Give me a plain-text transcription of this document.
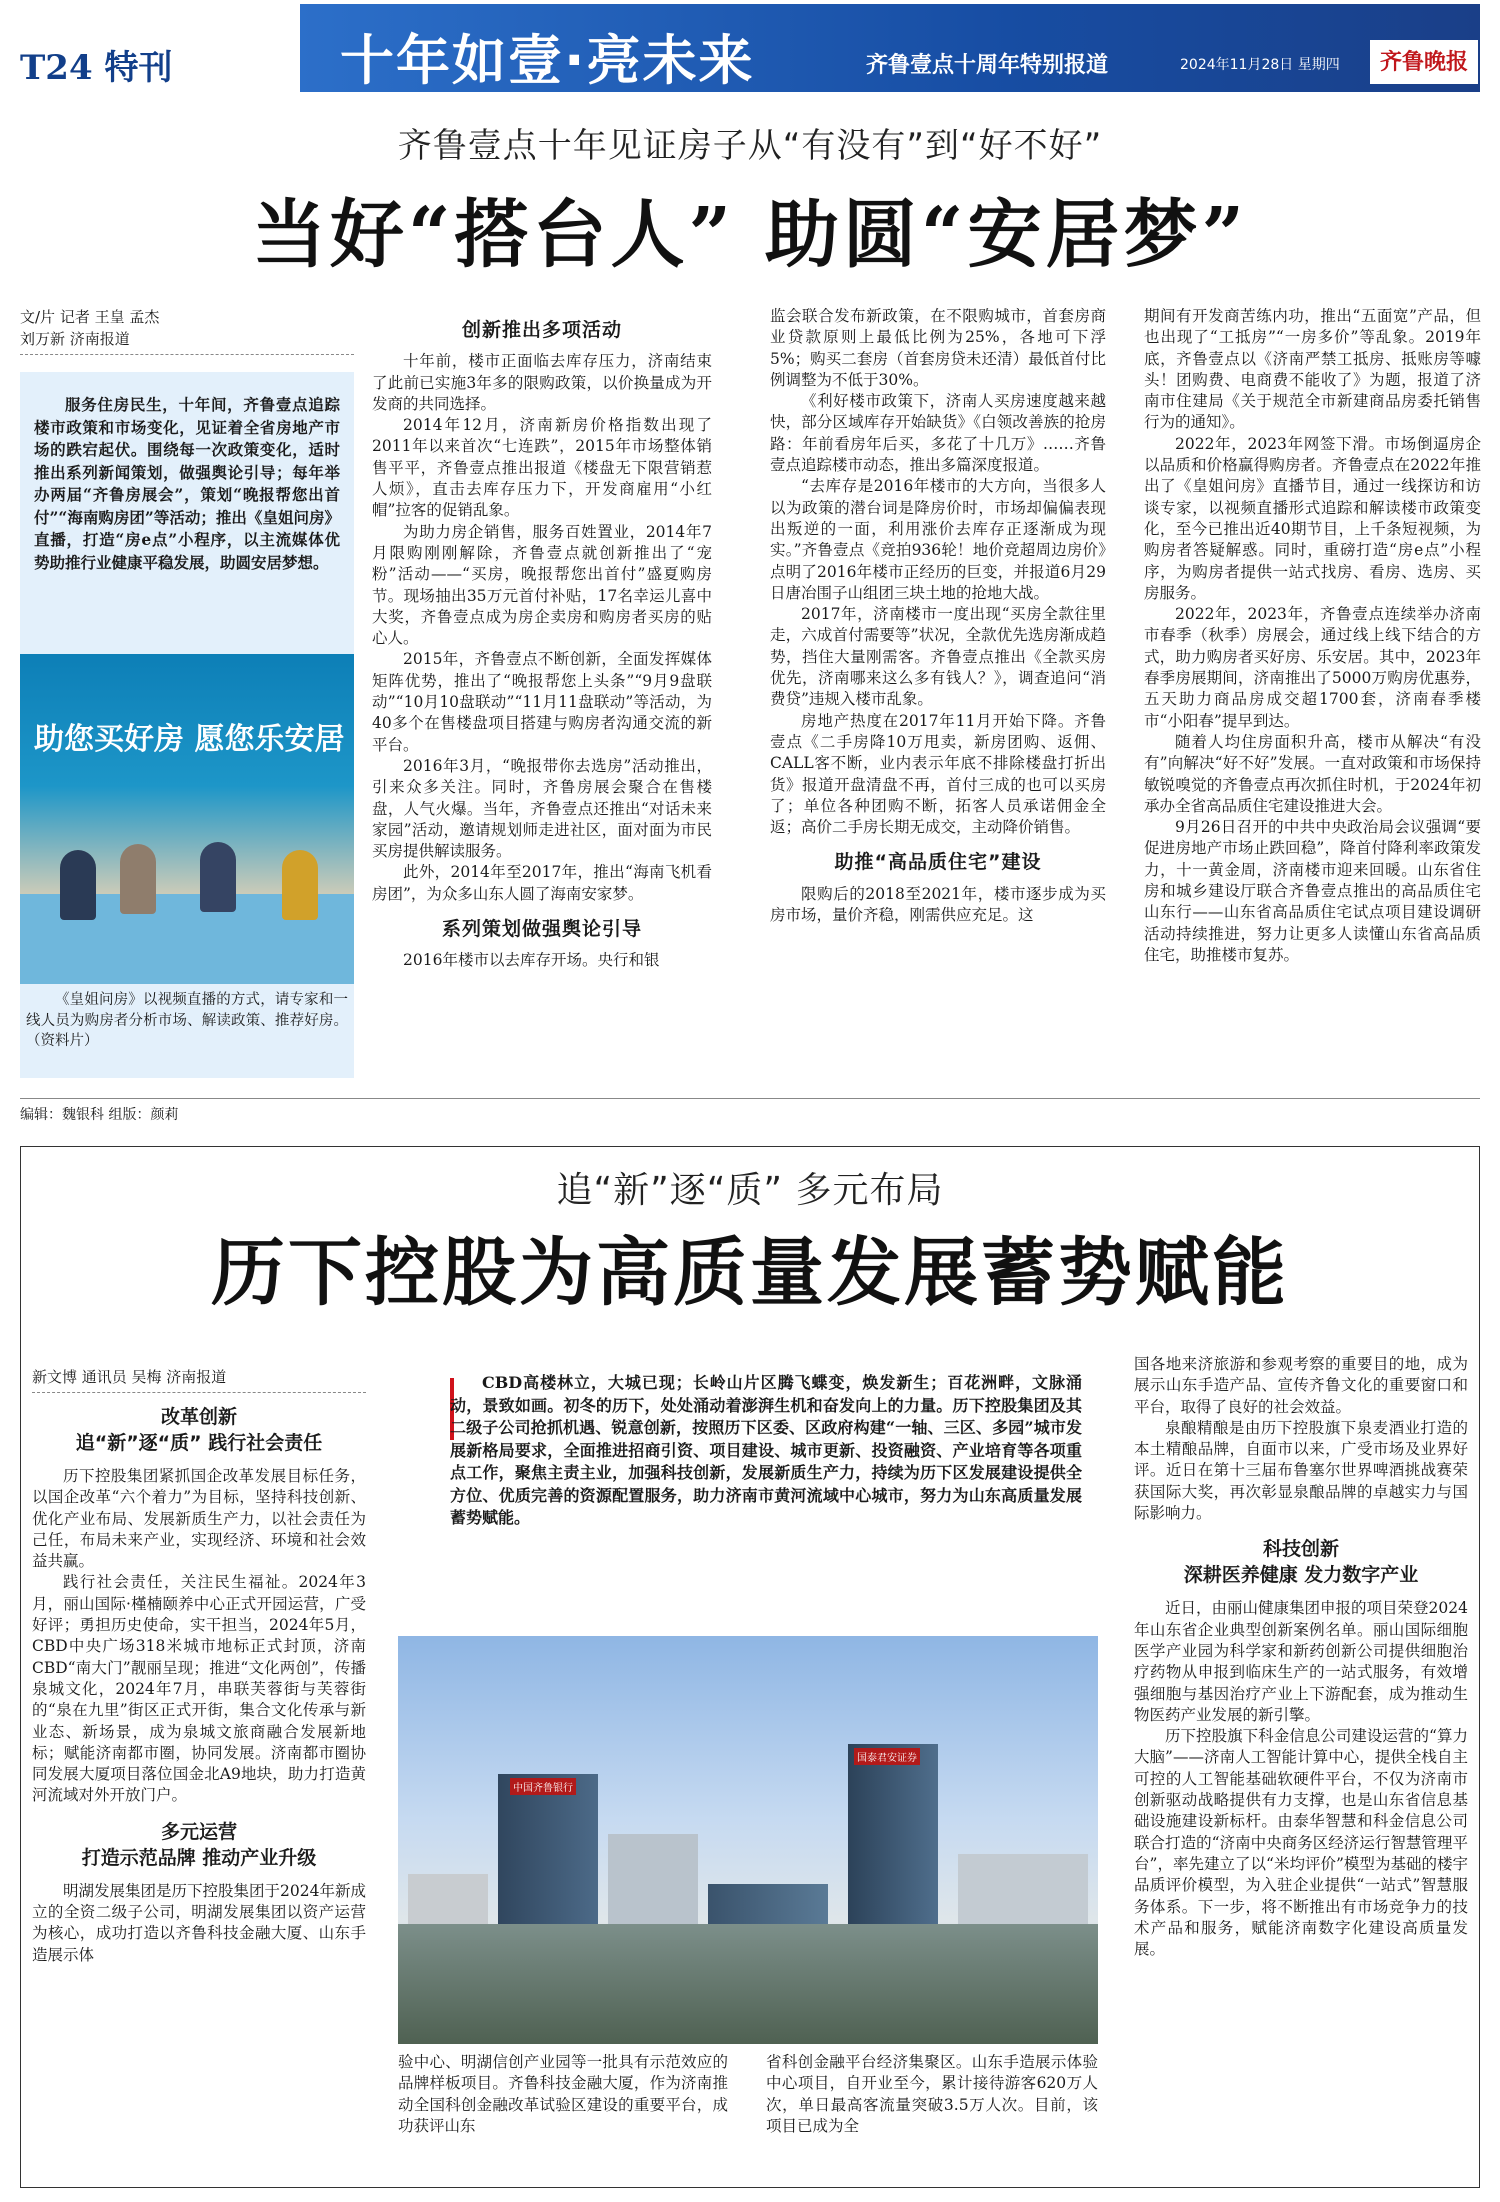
T24 特刊	十年如壹·亮未来	齐鲁壹点十周年特别报道	2024年11月28日 星期四	齐鲁晚报
齐鲁壹点十年见证房子从“有没有”到“好不好”
当好“搭台人” 助圆“安居梦”
文/片 记者 王皇 孟杰
刘万新 济南报道
服务住房民生，十年间，齐鲁壹点追踪楼市政策和市场变化，见证着全省房地产市场的跌宕起伏。围绕每一次政策变化，适时推出系列新闻策划，做强舆论引导；每年举办两届“齐鲁房展会”，策划“晚报帮您出首付”“海南购房团”等活动；推出《皇姐问房》直播，打造“房e点”小程序，以主流媒体优势助推行业健康平稳发展，助圆安居梦想。
助您买好房 愿您乐安居
《皇姐问房》以视频直播的方式，请专家和一线人员为购房者分析市场、解读政策、推荐好房。（资料片）
创新推出多项活动

十年前，楼市正面临去库存压力，济南结束了此前已实施3年多的限购政策，以价换量成为开发商的共同选择。

2014年12月，济南新房价格指数出现了2011年以来首次“七连跌”，2015年市场整体销售平平，齐鲁壹点推出报道《楼盘无下限营销惹人烦》，直击去库存压力下，开发商雇用“小红帽”拉客的促销乱象。

为助力房企销售，服务百姓置业，2014年7月限购刚刚解除，齐鲁壹点就创新推出了“宠粉”活动——“买房，晚报帮您出首付”盛夏购房节。现场抽出35万元首付补贴，17名幸运儿喜中大奖，齐鲁壹点成为房企卖房和购房者买房的贴心人。

2015年，齐鲁壹点不断创新，全面发挥媒体矩阵优势，推出了“晚报帮您上头条”“9月9盘联动”“10月10盘联动”“11月11盘联动”等活动，为40多个在售楼盘项目搭建与购房者沟通交流的新平台。

2016年3月，“晚报带你去选房”活动推出，引来众多关注。同时，齐鲁房展会聚合在售楼盘，人气火爆。当年，齐鲁壹点还推出“对话未来家园”活动，邀请规划师走进社区，面对面为市民买房提供解读服务。

此外，2014年至2017年，推出“海南飞机看房团”，为众多山东人圆了海南安家梦。

系列策划做强舆论引导

2016年楼市以去库存开场。央行和银

监会联合发布新政策，在不限购城市，首套房商业贷款原则上最低比例为25%，各地可下浮5%；购买二套房（首套房贷未还清）最低首付比例调整为不低于30%。

《利好楼市政策下，济南人买房速度越来越快，部分区域库存开始缺货》《白领改善族的抢房路：年前看房年后买，多花了十几万》……齐鲁壹点追踪楼市动态，推出多篇深度报道。

“去库存是2016年楼市的大方向，当很多人以为政策的潜台词是降房价时，市场却偏偏表现出叛逆的一面，利用涨价去库存正逐渐成为现实。”齐鲁壹点《竞拍936轮！地价竞超周边房价》点明了2016年楼市正经历的巨变，并报道6月29日唐冶围子山组团三块土地的抢地大战。

2017年，济南楼市一度出现“买房全款往里走，六成首付需要等”状况，全款优先选房渐成趋势，挡住大量刚需客。齐鲁壹点推出《全款买房优先，济南哪来这么多有钱人？》，调查追问“消费贷”违规入楼市乱象。

房地产热度在2017年11月开始下降。齐鲁壹点《二手房降10万甩卖，新房团购、返佣、CALL客不断，业内表示年底不排除楼盘打折出货》报道开盘清盘不再，首付三成的也可以买房了；单位各种团购不断，拓客人员承诺佣金全返；高价二手房长期无成交，主动降价销售。

助推“高品质住宅”建设

限购后的2018至2021年，楼市逐步成为买房市场，量价齐稳，刚需供应充足。这

期间有开发商苦练内功，推出“五面宽”产品，但也出现了“工抵房”“一房多价”等乱象。2019年底，齐鲁壹点以《济南严禁工抵房、抵账房等噱头！团购费、电商费不能收了》为题，报道了济南市住建局《关于规范全市新建商品房委托销售行为的通知》。

2022年，2023年网签下滑。市场倒逼房企以品质和价格赢得购房者。齐鲁壹点在2022年推出了《皇姐问房》直播节目，通过一线探访和访谈专家，以视频直播形式追踪和解读楼市政策变化，至今已推出近40期节目，上千条短视频，为购房者答疑解惑。同时，重磅打造“房e点”小程序，为购房者提供一站式找房、看房、选房、买房服务。

2022年，2023年，齐鲁壹点连续举办济南市春季（秋季）房展会，通过线上线下结合的方式，助力购房者买好房、乐安居。其中，2023年春季房展期间，济南推出了5000万购房优惠券，五天助力商品房成交超1700套，济南春季楼市“小阳春”提早到达。

随着人均住房面积升高，楼市从解决“有没有”向解决“好不好”发展。一直对政策和市场保持敏锐嗅觉的齐鲁壹点再次抓住时机，于2024年初承办全省高品质住宅建设推进大会。

9月26日召开的中共中央政治局会议强调“要促进房地产市场止跌回稳”，降首付降利率政策发力，十一黄金周，济南楼市迎来回暖。山东省住房和城乡建设厅联合齐鲁壹点推出的高品质住宅山东行——山东省高品质住宅试点项目建设调研活动持续推进，努力让更多人读懂山东省高品质住宅，助推楼市复苏。

编辑：魏银科 组版：颜莉
追“新”逐“质” 多元布局
历下控股为高质量发展蓄势赋能
新文博 通讯员 吴梅 济南报道
改革创新
追“新”逐“质” 践行社会责任

历下控股集团紧抓国企改革发展目标任务，以国企改革“六个着力”为目标，坚持科技创新、优化产业布局、发展新质生产力，以社会责任为己任，布局未来产业，实现经济、环境和社会效益共赢。

践行社会责任，关注民生福祉。2024年3月，丽山国际·槿楠颐养中心正式开园运营，广受好评；勇担历史使命，实干担当，2024年5月，CBD中央广场318米城市地标正式封顶，济南CBD“南大门”靓丽呈现；推进“文化两创”，传播泉城文化，2024年7月，串联芙蓉街与芙蓉街的“泉在九里”街区正式开街，集合文化传承与新业态、新场景，成为泉城文旅商融合发展新地标；赋能济南都市圈，协同发展。济南都市圈协同发展大厦项目落位国金北A9地块，助力打造黄河流域对外开放门户。

多元运营
打造示范品牌 推动产业升级

明湖发展集团是历下控股集团于2024年新成立的全资二级子公司，明湖发展集团以资产运营为核心，成功打造以齐鲁科技金融大厦、山东手造展示体

CBD高楼林立，大城已现；长岭山片区腾飞蝶变，焕发新生；百花洲畔，文脉涌动，景致如画。初冬的历下，处处涌动着澎湃生机和奋发向上的力量。历下控股集团及其二级子公司抢抓机遇、锐意创新，按照历下区委、区政府构建“一轴、三区、多园”城市发展新格局要求，全面推进招商引资、项目建设、城市更新、投资融资、产业培育等各项重点工作，聚焦主责主业，加强科技创新，发展新质生产力，持续为历下区发展建设提供全方位、优质完善的资源配置服务，助力济南市黄河流域中心城市，努力为山东高质量发展蓄势赋能。
中国齐鲁银行
国泰君安证券

验中心、明湖信创产业园等一批具有示范效应的品牌样板项目。齐鲁科技金融大厦，作为济南推动全国科创金融改革试验区建设的重要平台，成功获评山东

省科创金融平台经济集聚区。山东手造展示体验中心项目，自开业至今，累计接待游客620万人次，单日最高客流量突破3.5万人次。目前，该项目已成为全

国各地来济旅游和参观考察的重要目的地，成为展示山东手造产品、宣传齐鲁文化的重要窗口和平台，取得了良好的社会效益。

泉酿精酿是由历下控股旗下泉麦酒业打造的本土精酿品牌，自面市以来，广受市场及业界好评。近日在第十三届布鲁塞尔世界啤酒挑战赛荣获国际大奖，再次彰显泉酿品牌的卓越实力与国际影响力。

科技创新
深耕医养健康 发力数字产业

近日，由丽山健康集团申报的项目荣登2024年山东省企业典型创新案例名单。丽山国际细胞医学产业园为科学家和新药创新公司提供细胞治疗药物从申报到临床生产的一站式服务，有效增强细胞与基因治疗产业上下游配套，成为推动生物医药产业发展的新引擎。

历下控股旗下科金信息公司建设运营的“算力大脑”——济南人工智能计算中心，提供全栈自主可控的人工智能基础软硬件平台，不仅为济南市创新驱动战略提供有力支撑，也是山东省信息基础设施建设新标杆。由泰华智慧和科金信息公司联合打造的“济南中央商务区经济运行智慧管理平台”，率先建立了以“米均评价”模型为基础的楼宇品质评价模型，为入驻企业提供“一站式”智慧服务体系。下一步，将不断推出有市场竞争力的技术产品和服务，赋能济南数字化建设高质量发展。
